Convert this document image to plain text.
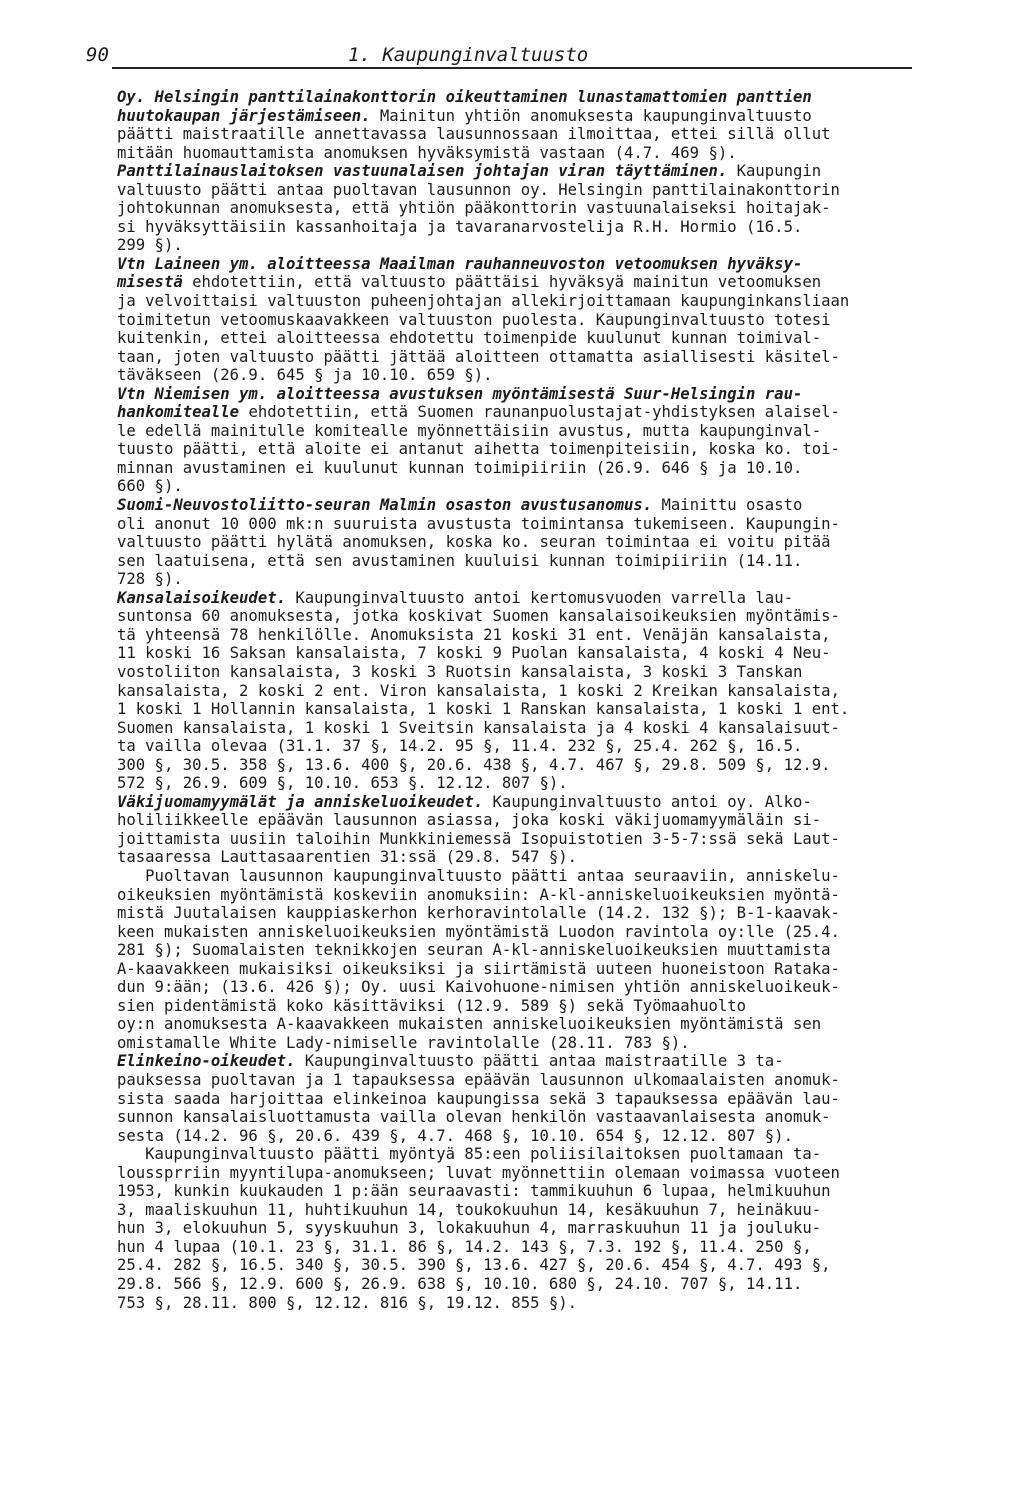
90	1. Kaupunginvaltuusto
Oy. Helsingin panttilainakonttorin oikeuttaminen lunastamattomien panttien
huutokaupan järjestämiseen. Mainitun yhtiön anomuksesta kaupunginvaltuusto
päätti maistraatille annettavassa lausunnossaan ilmoittaa, ettei sillä ollut
mitään huomauttamista anomuksen hyväksymistä vastaan (4.7. 469 §).
Panttilainauslaitoksen vastuunalaisen johtajan viran täyttäminen. Kaupungin
valtuusto päätti antaa puoltavan lausunnon oy. Helsingin panttilainakonttorin
johtokunnan anomuksesta, että yhtiön pääkonttorin vastuunalaiseksi hoitajak-
si hyväksyttäisiin kassanhoitaja ja tavaranarvostelija R.H. Hormio (16.5.
299 §).
Vtn Laineen ym. aloitteessa Maailman rauhanneuvoston vetoomuksen hyväksy-
misestä ehdotettiin, että valtuusto päättäisi hyväksyä mainitun vetoomuksen
ja velvoittaisi valtuuston puheenjohtajan allekirjoittamaan kaupunginkansliaan
toimitetun vetoomuskaavakkeen valtuuston puolesta. Kaupunginvaltuusto totesi
kuitenkin, ettei aloitteessa ehdotettu toimenpide kuulunut kunnan toimival-
taan, joten valtuusto päätti jättää aloitteen ottamatta asiallisesti käsitel-
täväkseen (26.9. 645 § ja 10.10. 659 §).
Vtn Niemisen ym. aloitteessa avustuksen myöntämisestä Suur-Helsingin rau-
hankomitealle ehdotettiin, että Suomen raunanpuolustajat-yhdistyksen alaisel-
le edellä mainitulle komitealle myönnettäisiin avustus, mutta kaupunginval-
tuusto päätti, että aloite ei antanut aihetta toimenpiteisiin, koska ko. toi-
minnan avustaminen ei kuulunut kunnan toimipiiriin (26.9. 646 § ja 10.10.
660 §).
Suomi-Neuvostoliitto-seuran Malmin osaston avustusanomus. Mainittu osasto
oli anonut 10 000 mk:n suuruista avustusta toimintansa tukemiseen. Kaupungin-
valtuusto päätti hylätä anomuksen, koska ko. seuran toimintaa ei voitu pitää
sen laatuisena, että sen avustaminen kuuluisi kunnan toimipiiriin (14.11.
728 §).
Kansalaisoikeudet. Kaupunginvaltuusto antoi kertomusvuoden varrella lau-
suntonsa 60 anomuksesta, jotka koskivat Suomen kansalaisoikeuksien myöntämis-
tä yhteensä 78 henkilölle. Anomuksista 21 koski 31 ent. Venäjän kansalaista,
11 koski 16 Saksan kansalaista, 7 koski 9 Puolan kansalaista, 4 koski 4 Neu-
vostoliiton kansalaista, 3 koski 3 Ruotsin kansalaista, 3 koski 3 Tanskan
kansalaista, 2 koski 2 ent. Viron kansalaista, 1 koski 2 Kreikan kansalaista,
1 koski 1 Hollannin kansalaista, 1 koski 1 Ranskan kansalaista, 1 koski 1 ent.
Suomen kansalaista, 1 koski 1 Sveitsin kansalaista ja 4 koski 4 kansalaisuut-
ta vailla olevaa (31.1. 37 §, 14.2. 95 §, 11.4. 232 §, 25.4. 262 §, 16.5.
300 §, 30.5. 358 §, 13.6. 400 §, 20.6. 438 §, 4.7. 467 §, 29.8. 509 §, 12.9.
572 §, 26.9. 609 §, 10.10. 653 §. 12.12. 807 §).
Väkijuomamyymälät ja anniskeluoikeudet. Kaupunginvaltuusto antoi oy. Alko-
holiliikkeelle epäävän lausunnon asiassa, joka koski väkijuomamyymäläin si-
joittamista uusiin taloihin Munkkiniemessä Isopuistotien 3-5-7:ssä sekä Laut-
tasaaressa Lauttasaarentien 31:ssä (29.8. 547 §).
Puoltavan lausunnon kaupunginvaltuusto päätti antaa seuraaviin, anniskelu-
oikeuksien myöntämistä koskeviin anomuksiin: A-kl-anniskeluoikeuksien myöntä-
mistä Juutalaisen kauppiaskerhon kerhoravintolalle (14.2. 132 §); B-1-kaavak-
keen mukaisten anniskeluoikeuksien myöntämistä Luodon ravintola oy:lle (25.4.
281 §); Suomalaisten teknikkojen seuran A-kl-anniskeluoikeuksien muuttamista
A-kaavakkeen mukaisiksi oikeuksiksi ja siirtämistä uuteen huoneistoon Rataka-
dun 9:ään; (13.6. 426 §); Oy. uusi Kaivohuone-nimisen yhtiön anniskeluoikeuk-
sien pidentämistä koko käsittäviksi (12.9. 589 §) sekä Työmaahuolto
oy:n anomuksesta A-kaavakkeen mukaisten anniskeluoikeuksien myöntämistä sen
omistamalle White Lady-nimiselle ravintolalle (28.11. 783 §).
Elinkeino-oikeudet. Kaupunginvaltuusto päätti antaa maistraatille 3 ta-
pauksessa puoltavan ja 1 tapauksessa epäävän lausunnon ulkomaalaisten anomuk-
sista saada harjoittaa elinkeinoa kaupungissa sekä 3 tapauksessa epäävän lau-
sunnon kansalaisluottamusta vailla olevan henkilön vastaavanlaisesta anomuk-
sesta (14.2. 96 §, 20.6. 439 §, 4.7. 468 §, 10.10. 654 §, 12.12. 807 §).
Kaupunginvaltuusto päätti myöntyä 85:een poliisilaitoksen puoltamaan ta-
loussprriin myyntilupa-anomukseen; luvat myönnettiin olemaan voimassa vuoteen
1953, kunkin kuukauden 1 p:ään seuraavasti: tammikuuhun 6 lupaa, helmikuuhun
3, maaliskuuhun 11, huhtikuuhun 14, toukokuuhun 14, kesäkuuhun 7, heinäkuu-
hun 3, elokuuhun 5, syyskuuhun 3, lokakuuhun 4, marraskuuhun 11 ja jouluku-
hun 4 lupaa (10.1. 23 §, 31.1. 86 §, 14.2. 143 §, 7.3. 192 §, 11.4. 250 §,
25.4. 282 §, 16.5. 340 §, 30.5. 390 §, 13.6. 427 §, 20.6. 454 §, 4.7. 493 §,
29.8. 566 §, 12.9. 600 §, 26.9. 638 §, 10.10. 680 §, 24.10. 707 §, 14.11.
753 §, 28.11. 800 §, 12.12. 816 §, 19.12. 855 §).
